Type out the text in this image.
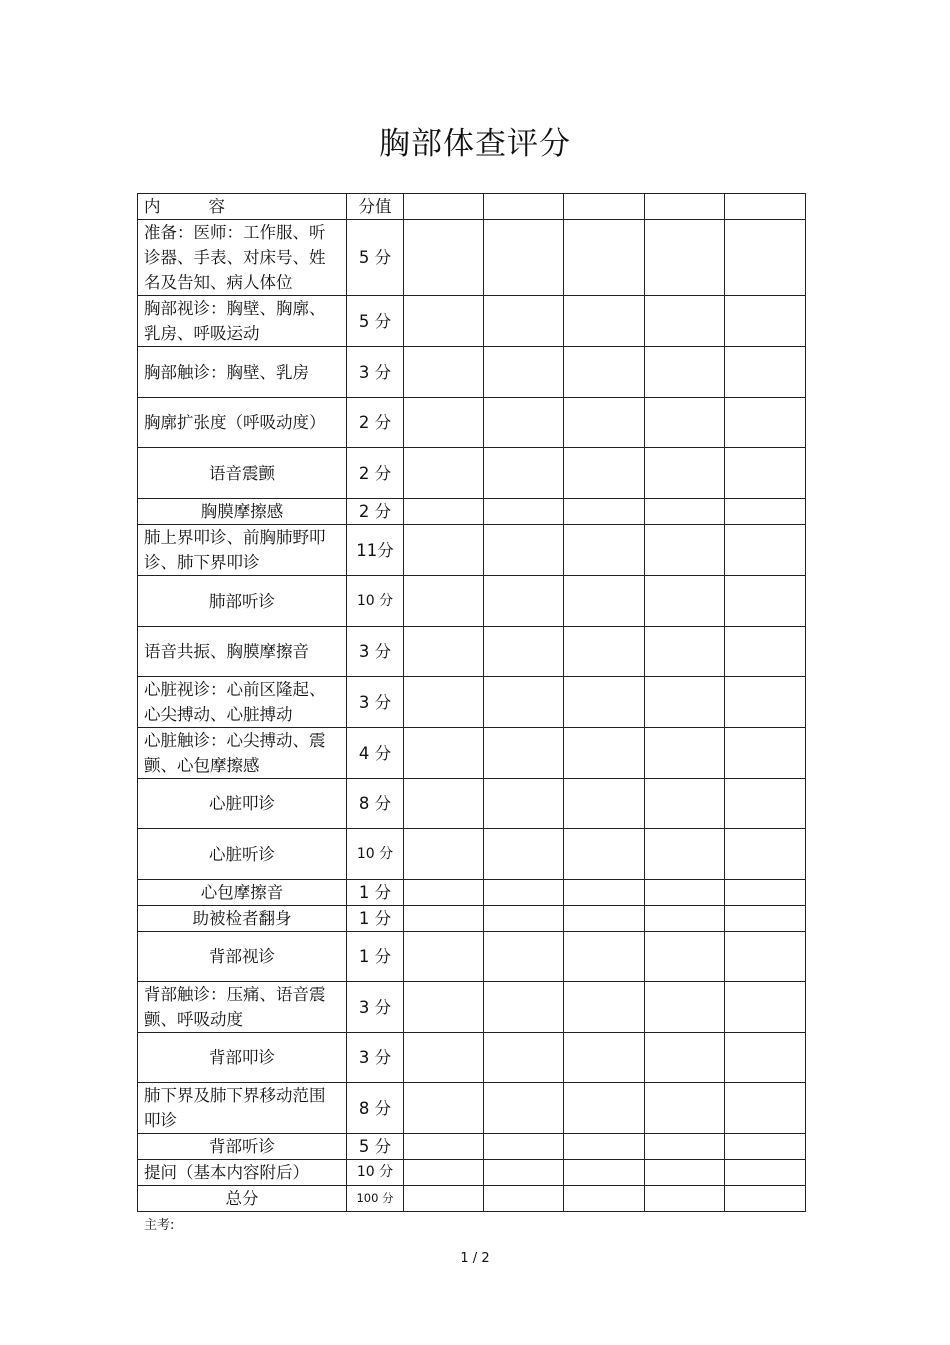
胸部体查评分
内容	分值					
准备：医师：工作服、听诊器、手表、对床号、姓名及告知、病人体位	5 分					
胸部视诊：胸壁、胸廓、乳房、呼吸运动	5 分					
胸部触诊：胸壁、乳房	3 分					
胸廓扩张度（呼吸动度）	2 分					
语音震颤	2 分					
胸膜摩擦感	2 分					
肺上界叩诊、前胸肺野叩诊、肺下界叩诊	11分					
肺部听诊	10 分					
语音共振、胸膜摩擦音	3 分					
心脏视诊：心前区隆起、心尖搏动、心脏搏动	3 分					
心脏触诊：心尖搏动、震颤、心包摩擦感	4 分					
心脏叩诊	8 分					
心脏听诊	10 分					
心包摩擦音	1 分					
助被检者翻身	1 分					
背部视诊	1 分					
背部触诊：压痛、语音震颤、呼吸动度	3 分					
背部叩诊	3 分					
肺下界及肺下界移动范围叩诊	8 分					
背部听诊	5 分					
提问（基本内容附后）	10 分					
总分	100 分					
主考:
1 / 2
